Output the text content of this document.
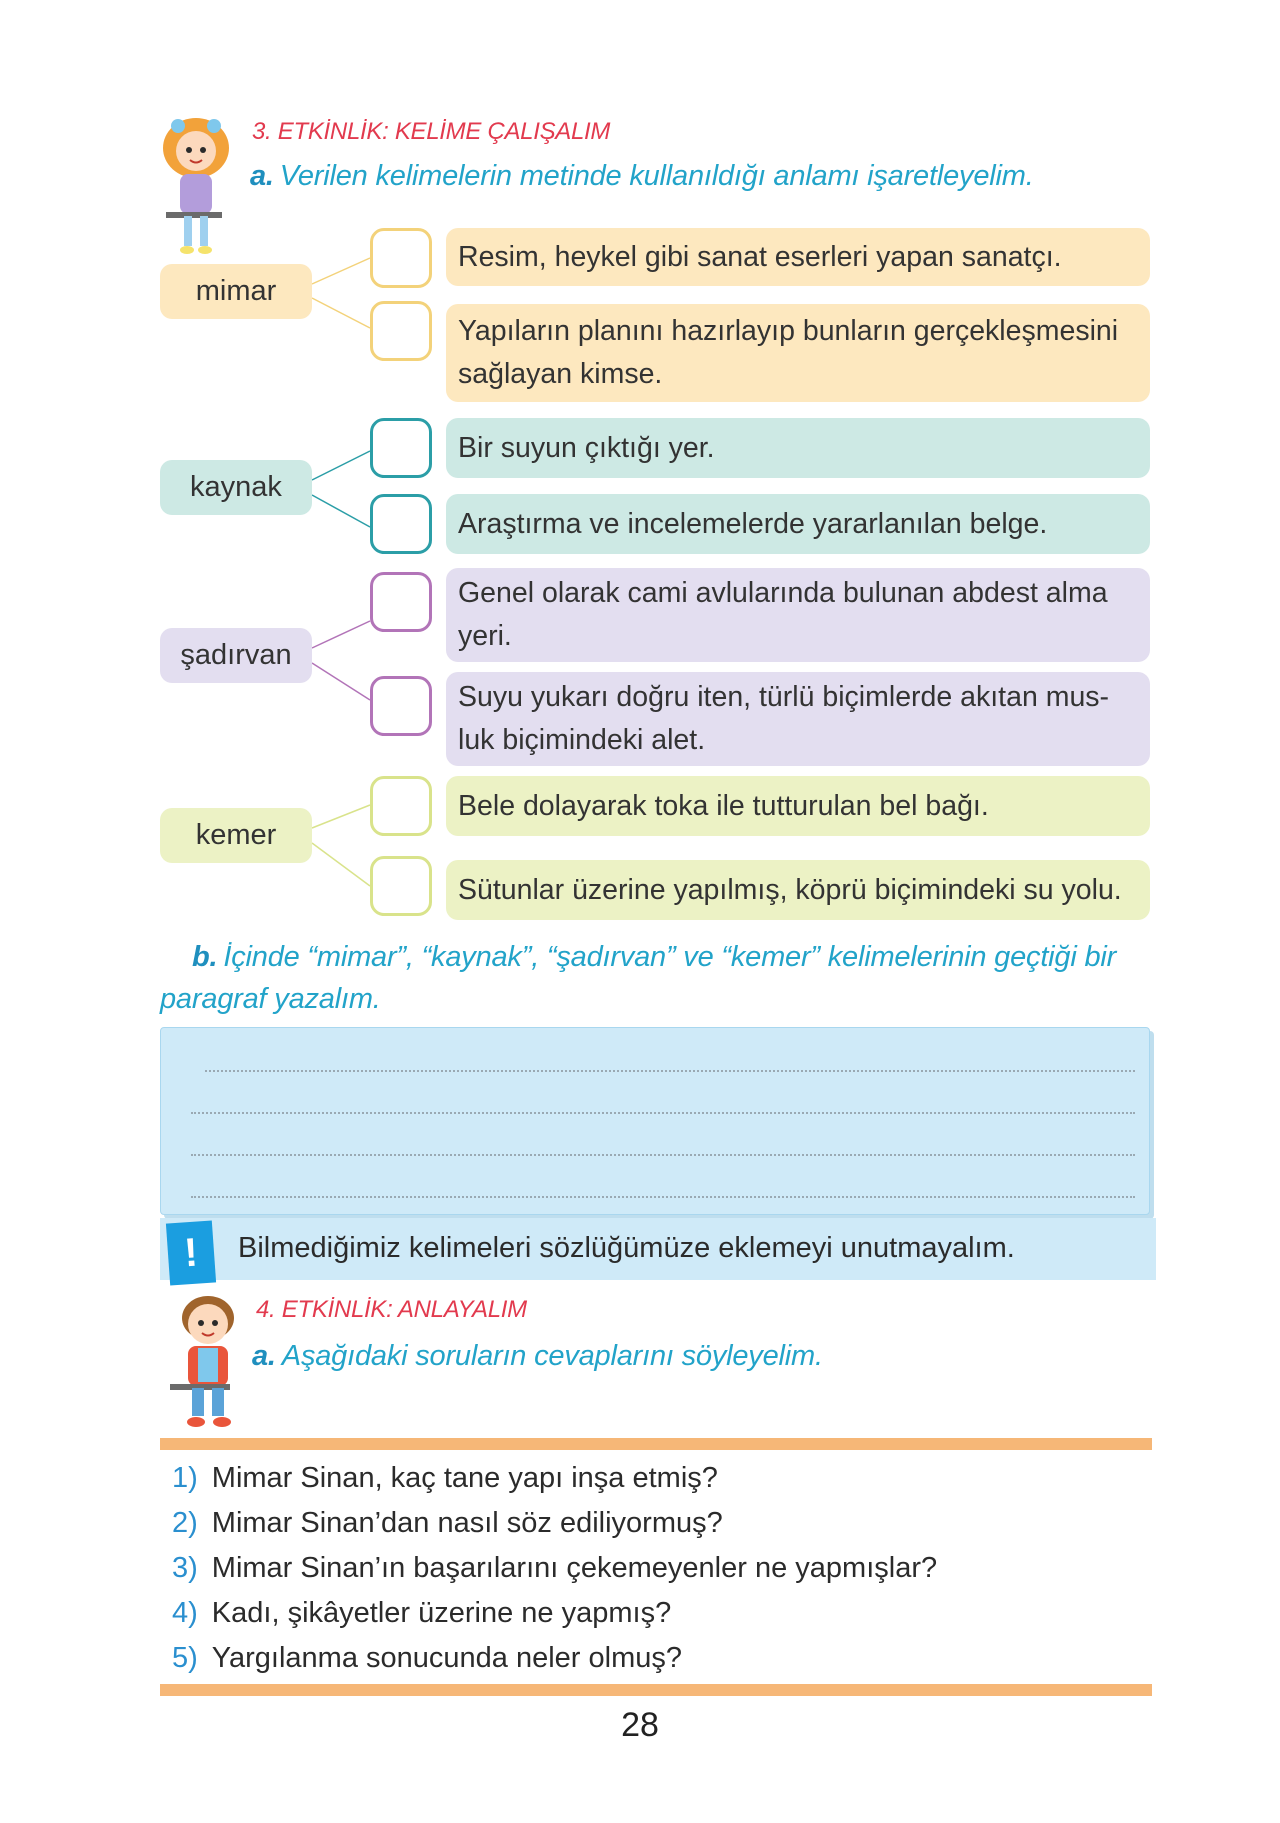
3. ETKİNLİK: KELİME ÇALIŞALIM
a. Verilen kelimelerin metinde kullanıldığı anlamı işaretleyelim.
mimar
Resim, heykel gibi sanat eserleri yapan sanatçı.
Yapıların planını hazırlayıp bunların gerçekleşmesini sağlayan kimse.
kaynak
Bir suyun çıktığı yer.
Araştırma ve incelemelerde yararlanılan belge.
şadırvan
Genel olarak cami avlularında bulunan abdest alma yeri.
Suyu yukarı doğru iten, türlü biçimlerde akıtan mus-luk biçimindeki alet.
kemer
Bele dolayarak toka ile tutturulan bel bağı.
Sütunlar üzerine yapılmış, köprü biçimindeki su yolu.
b. İçinde “mimar”, “kaynak”, “şadırvan” ve “kemer” kelimelerinin geçtiği bir paragraf yazalım.
!	Bilmediğimiz kelimeleri sözlüğümüze eklemeyi unutmayalım.
4. ETKİNLİK: ANLAYALIM
a. Aşağıdaki soruların cevaplarını söyleyelim.
1) Mimar Sinan, kaç tane yapı inşa etmiş?
2) Mimar Sinan’dan nasıl söz ediliyormuş?
3) Mimar Sinan’ın başarılarını çekemeyenler ne yapmışlar?
4) Kadı, şikâyetler üzerine ne yapmış?
5) Yargılanma sonucunda neler olmuş?
28
